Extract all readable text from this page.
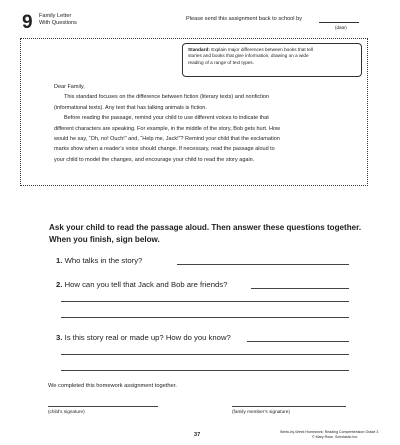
9 Family Letter
With Questions
Please send this assignment back to school by
(date)
Standard: Explain major differences between books that tell
stories and books that give information, drawing on a wide
reading of a range of text types.
Dear Family,
This standard focuses on the difference between fiction (literary texts) and nonfiction
(informational texts). Any text that has talking animals is fiction.
Before reading the passage, remind your child to use different voices to indicate that
different characters are speaking. For example, in the middle of the story, Bob gets hurt. How
would he say, “Oh, no! Ouch!” and, “Help me, Jack!”? Remind your child that the exclamation
marks show when a reader’s voice should change. If necessary, read the passage aloud to
your child to model the changes, and encourage your child to read the story again.
Ask your child to read the passage aloud. Then answer these questions together. When you finish, sign below.
1. Who talks in the story?
2. How can you tell that Jack and Bob are friends?
3. Is this story real or made up? How do you know?
We completed this homework assignment together.
(child’s signature)	(family member’s signature)
37	Week-by-Week Homework: Reading Comprehension Grade 3
© Mary Rose, Scholastic Inc.
